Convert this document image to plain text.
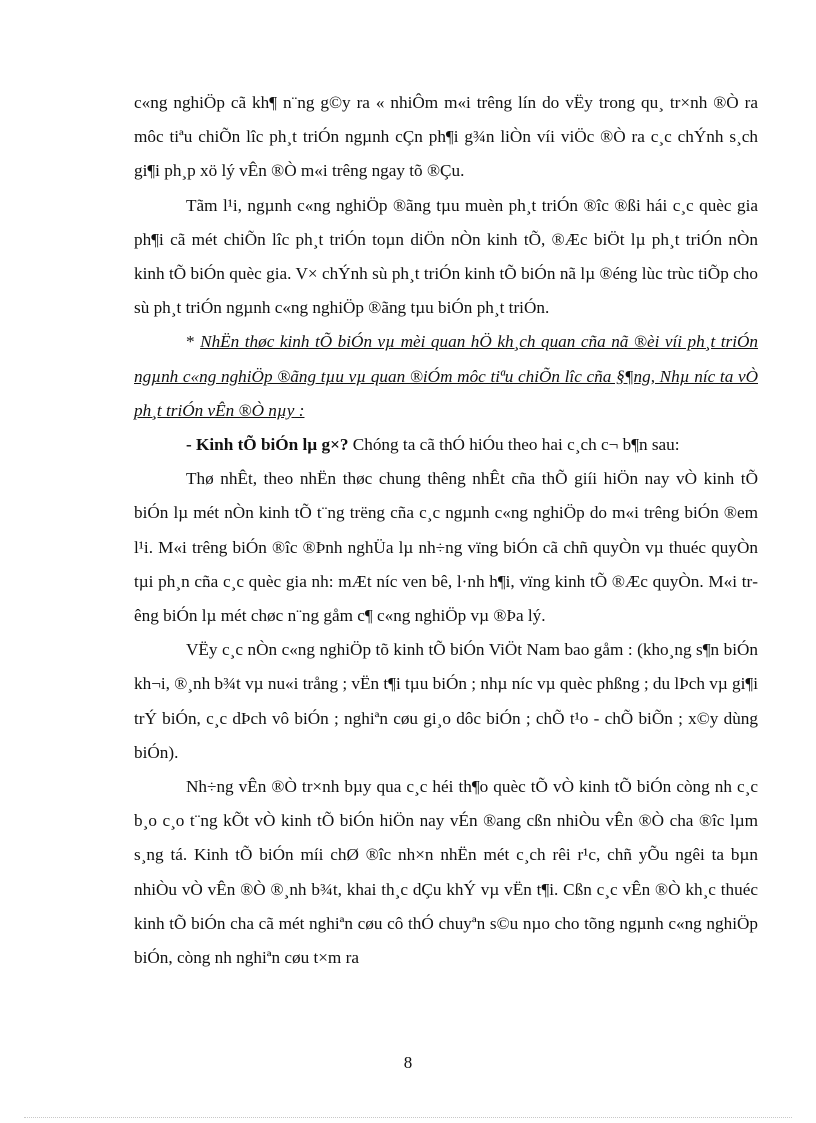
c«ng nghiÖp cã kh¶ n¨ng g©y ra « nhiÔm m«i trêng lín do vËy trong qu¸ tr×nh ®Ò ra môc tiªu chiÕn lîc ph¸t triÓn ngµnh cÇn ph¶i g¾n liÒn víi viÖc ®Ò ra c¸c chÝnh s¸ch gi¶i ph¸p xö lý vÊn ®Ò m«i trêng ngay tõ ®Çu.

Tãm l¹i, ngµnh c«ng nghiÖp ®ãng tµu muèn ph¸t triÓn ®îc ®ßi hái c¸c quèc gia ph¶i cã mét chiÕn lîc ph¸t triÓn toµn diÖn nÒn kinh tÕ, ®Æc biÖt lµ ph¸t triÓn nÒn kinh tÕ biÓn quèc gia. V× chÝnh sù ph¸t triÓn kinh tÕ biÓn nã lµ ®éng lùc trùc tiÕp cho sù ph¸t triÓn ngµnh c«ng nghiÖp ®ãng tµu biÓn ph¸t triÓn.

* NhËn thøc kinh tÕ biÓn vµ mèi quan hÖ kh¸ch quan cña nã ®èi víi ph¸t triÓn ngµnh c«ng nghiÖp ®ãng tµu vµ quan ®iÓm môc tiªu chiÕn lîc cña §¶ng, Nhµ níc ta vÒ ph¸t triÓn vÊn ®Ò nµy :

- Kinh tÕ biÓn lµ g×? Chóng ta cã thÓ hiÓu theo hai c¸ch c¬ b¶n sau:

Thø nhÊt, theo nhËn thøc chung thêng nhÊt cña thÕ giíi hiÖn nay vÒ kinh tÕ biÓn lµ mét nÒn kinh tÕ t¨ng trëng cña c¸c ngµnh c«ng nghiÖp do m«i trêng biÓn ®em l¹i. M«i trêng biÓn ®îc ®Þnh nghÜa lµ nh÷ng vïng biÓn cã chñ quyÒn vµ thuéc quyÒn tµi ph¸n cña c¸c quèc gia nh: mÆt níc ven bê, l·nh h¶i, vïng kinh tÕ ®Æc quyÒn. M«i trêng biÓn lµ mét chøc n¨ng gåm c¶ c«ng nghiÖp vµ ®Þa lý.

VËy c¸c nÒn c«ng nghiÖp tõ kinh tÕ biÓn ViÖt Nam bao gåm : (kho¸ng s¶n biÓn kh¬i, ®¸nh b¾t vµ nu«i trång ; vËn t¶i tµu biÓn ; nhµ níc vµ quèc phßng ; du lÞch vµ gi¶i trÝ biÓn, c¸c dÞch vô biÓn ; nghiªn cøu gi¸o dôc biÓn ; chÕ t¹o - chÕ biÕn ; x©y dùng biÓn).

Nh÷ng vÊn ®Ò tr×nh bµy qua c¸c héi th¶o quèc tÕ vÒ kinh tÕ biÓn còng nh c¸c b¸o c¸o t¨ng kÕt vÒ kinh tÕ biÓn hiÖn nay vÉn ®ang cßn nhiÒu vÊn ®Ò cha ®îc lµm s¸ng tá. Kinh tÕ biÓn míi chØ ®îc nh×n nhËn mét c¸ch rêi r¹c, chñ yÕu ngêi ta bµn nhiÒu vÒ vÊn ®Ò ®¸nh b¾t, khai th¸c dÇu khÝ vµ vËn t¶i. Cßn c¸c vÊn ®Ò kh¸c thuéc kinh tÕ biÓn cha cã mét nghiªn cøu cô thÓ chuyªn s©u nµo cho tõng ngµnh c«ng nghiÖp biÓn, còng nh nghiªn cøu t×m ra

8
